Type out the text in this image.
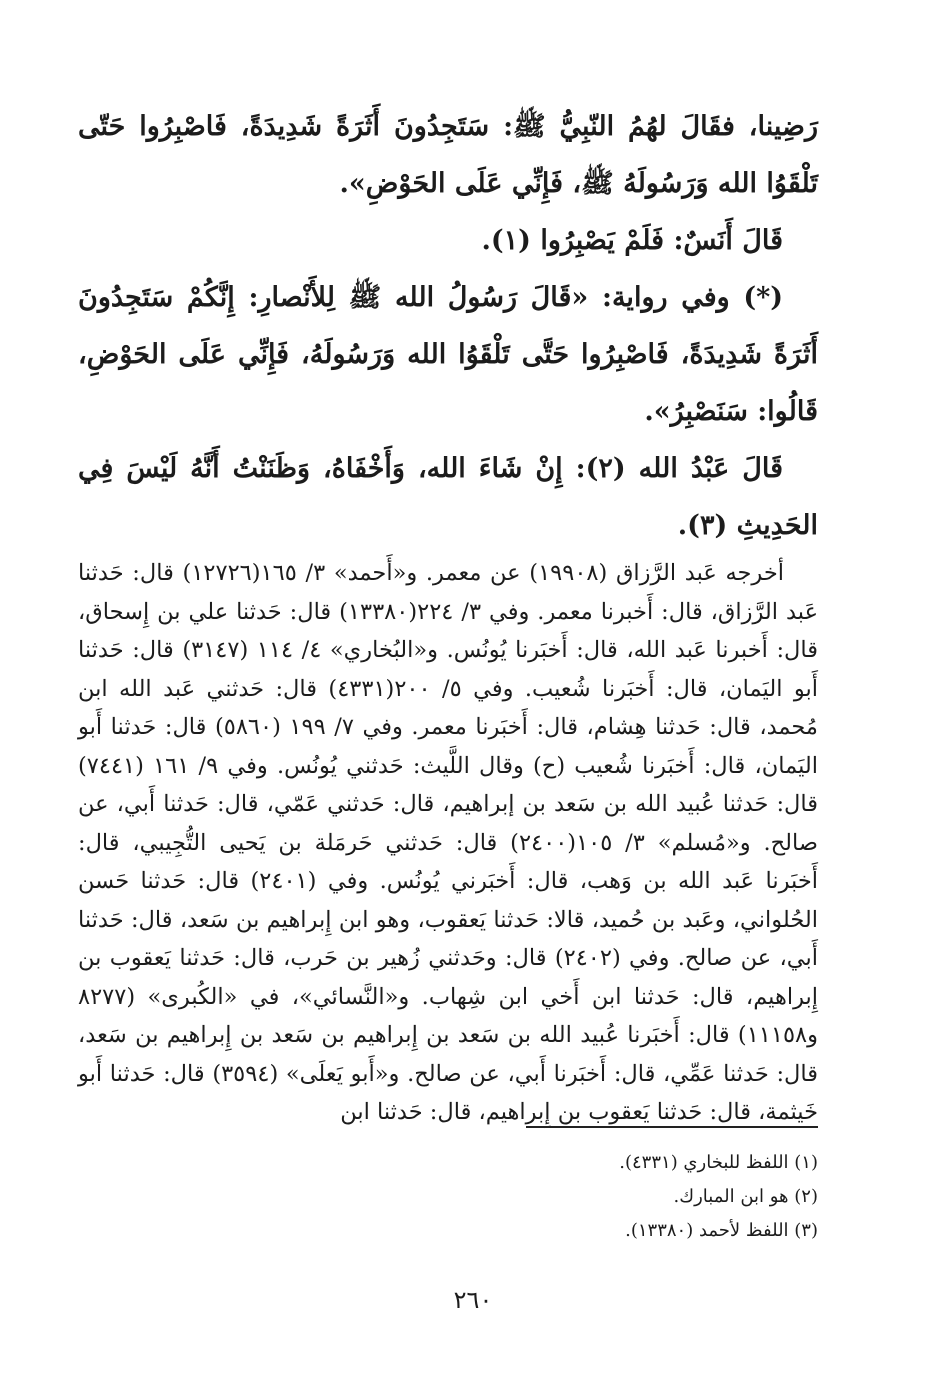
رَضِينا، فقَالَ لهُمُ النّبِيُّ ﷺ: سَتَجِدُونَ أَثَرَةً شَدِيدَةً، فَاصْبِرُوا حَتّى تَلْقَوُا الله وَرَسُولَهُ ﷺ، فَإِنِّي عَلَى الحَوْضِ».

قَالَ أَنَسٌ: فَلَمْ يَصْبِرُوا (١).

(*) وفي رواية: «قَالَ رَسُولُ الله ﷺ لِلأَنْصارِ: إِنَّكُمْ سَتَجِدُونَ أَثَرَةً شَدِيدَةً، فَاصْبِرُوا حَتَّى تَلْقَوُا الله وَرَسُولَهُ، فَإِنِّي عَلَى الحَوْضِ، قَالُوا: سَنَصْبِرُ».

قَالَ عَبْدُ الله (٢): إِنْ شَاءَ الله، وَأَخْفَاهُ، وَظَنَنْتُ أَنَّهُ لَيْسَ فِي الحَدِيثِ (٣).

أخرجه عَبد الرَّزاق (١٩٩٠٨) عن معمر. و«أَحمد» ٣/ ١٦٥(١٢٧٢٦) قال: حَدثنا عَبد الرَّزاق، قال: أَخبرنا معمر. وفي ٣/ ٢٢٤(١٣٣٨٠) قال: حَدثنا علي بن إِسحاق، قال: أَخبرنا عَبد الله، قال: أَخبَرنا يُونُس. و«البُخاري» ٤/ ١١٤ (٣١٤٧) قال: حَدثنا أَبو اليَمان، قال: أَخبَرنا شُعيب. وفي ٥/ ٢٠٠(٤٣٣١) قال: حَدثني عَبد الله ابن مُحمد، قال: حَدثنا هِشام، قال: أَخبَرنا معمر. وفي ٧/ ١٩٩ (٥٨٦٠) قال: حَدثنا أَبو اليَمان، قال: أَخبَرنا شُعيب (ح) وقال اللَّيث: حَدثني يُونُس. وفي ٩/ ١٦١ (٧٤٤١) قال: حَدثنا عُبيد الله بن سَعد بن إبراهيم، قال: حَدثني عَمّي، قال: حَدثنا أَبي، عن صالح. و«مُسلم» ٣/ ١٠٥(٢٤٠٠) قال: حَدثني حَرمَلة بن يَحيى التُّجِيبي، قال: أَخبَرنا عَبد الله بن وَهب، قال: أَخبَرني يُونُس. وفي (٢٤٠١) قال: حَدثنا حَسن الحُلواني، وعَبد بن حُميد، قالا: حَدثنا يَعقوب، وهو ابن إِبراهيم بن سَعد، قال: حَدثنا أَبي، عن صالح. وفي (٢٤٠٢) قال: وحَدثني زُهير بن حَرب، قال: حَدثنا يَعقوب بن إِبراهيم، قال: حَدثنا ابن أَخي ابن شِهاب. و«النَّسائي»، في «الكُبرى» (٨٢٧٧ و١١١٥٨) قال: أَخبَرنا عُبيد الله بن سَعد بن إِبراهيم بن سَعد بن إِبراهيم بن سَعد، قال: حَدثنا عَمِّي، قال: أَخبَرنا أَبي، عن صالح. و«أَبو يَعلَى» (٣٥٩٤) قال: حَدثنا أَبو خَيثمة، قال: حَدثنا يَعقوب بن إِبراهيم، قال: حَدثنا ابن

(١) اللفظ للبخاري (٤٣٣١).
(٢) هو ابن المبارك.
(٣) اللفظ لأحمد (١٣٣٨٠).
٢٦٠
